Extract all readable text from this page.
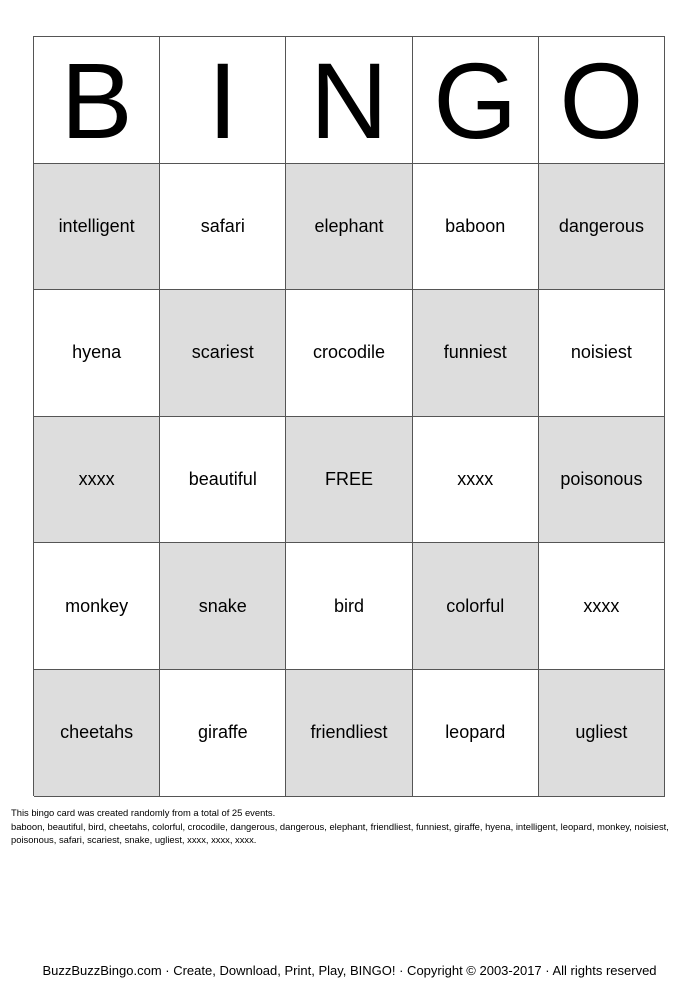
B I N G O
intelligent	safari	elephant	baboon	dangerous
hyena	scariest	crocodile	funniest	noisiest
xxxx	beautiful	FREE	xxxx	poisonous
monkey	snake	bird	colorful	xxxx
cheetahs	giraffe	friendliest	leopard	ugliest
This bingo card was created randomly from a total of 25 events.
baboon, beautiful, bird, cheetahs, colorful, crocodile, dangerous, dangerous, elephant, friendliest, funniest, giraffe, hyena, intelligent, leopard, monkey, noisiest, poisonous, safari, scariest, snake, ugliest, xxxx, xxxx, xxxx.
BuzzBuzzBingo.com · Create, Download, Print, Play, BINGO! · Copyright © 2003-2017 · All rights reserved
